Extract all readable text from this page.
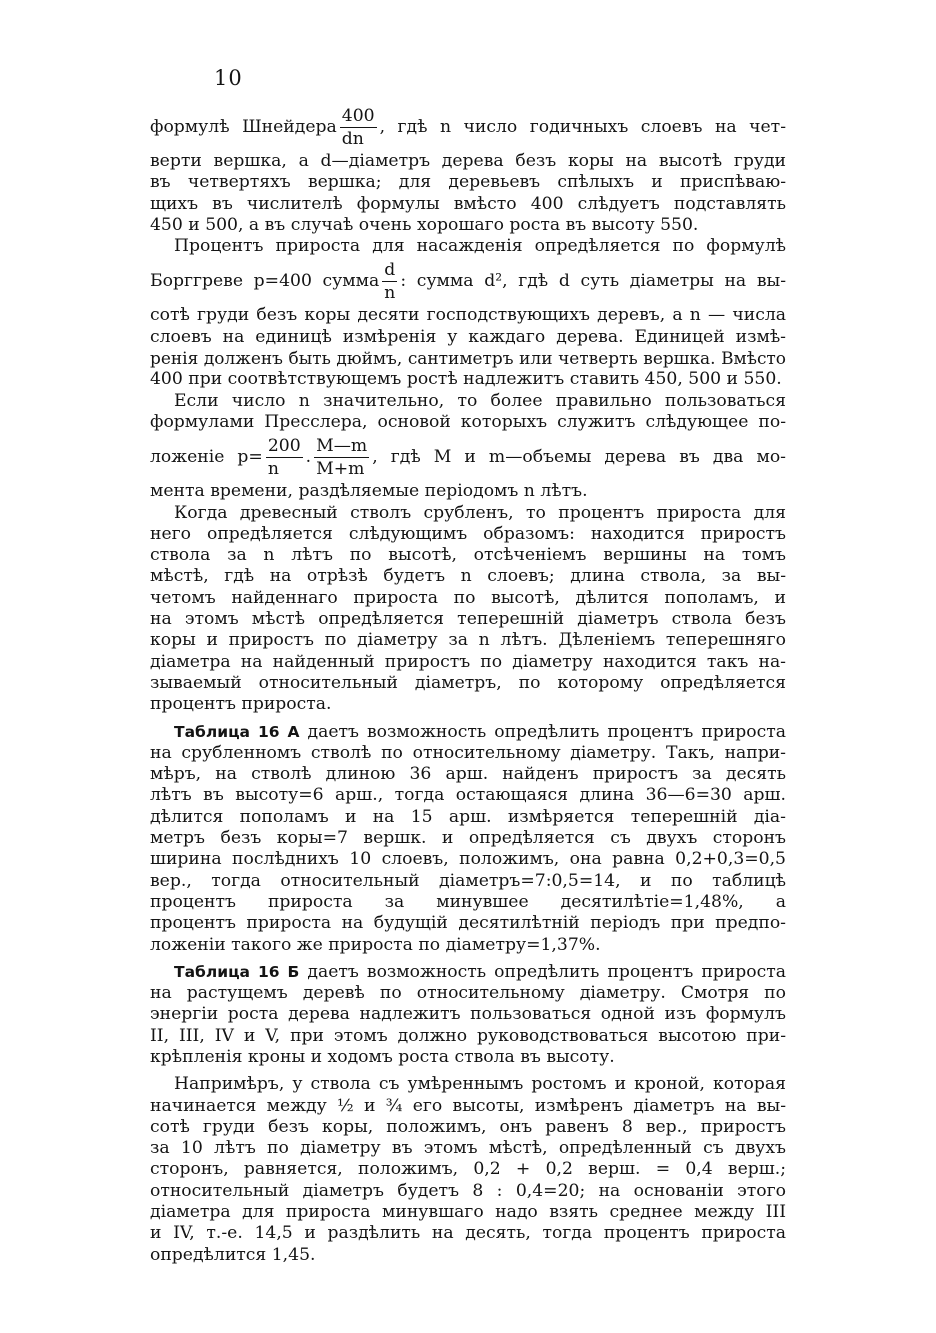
10
формулѣ Шнейдера $\frac{400}{dn}$ , гдѣ n число годичныхъ слоевъ на чет-
верти вершка, а d—діаметръ дерева безъ коры на высотѣ груди
въ четвертяхъ вершка; для деревьевъ спѣлыхъ и приспѣваю-
щихъ въ числителѣ формулы вмѣсто 400 слѣдуетъ подставлять
450 и 500, а въ случаѣ очень хорошаго роста въ высоту 550.
Процентъ прироста для насажденія опредѣляется по формулѣ
Борггреве p=400 сумма $\frac{d}{n}$ : сумма d², гдѣ d суть діаметры на вы-
сотѣ груди безъ коры десяти господствующихъ деревъ, а n — числа
слоевъ на единицѣ измѣренія у каждаго дерева. Единицей измѣ-
ренія долженъ быть дюймъ, сантиметръ или четверть вершка. Вмѣсто
400 при соотвѣтствующемъ ростѣ надлежитъ ставить 450, 500 и 550.
Если число n значительно, то более правильно пользоваться
формулами Пресслера, основой которыхъ служитъ слѣдующее по-
ложеніе $p= \frac{200}{n}$ . $\frac{M—m}{M+m}$ , гдѣ M и m—объемы дерева въ два мо-
мента времени, раздѣляемые періодомъ n лѣтъ.
Когда древесный стволъ срубленъ, то процентъ прироста для
него опредѣляется слѣдующимъ образомъ: находится приростъ
ствола за n лѣтъ по высотѣ, отсѣченіемъ вершины на томъ
мѣстѣ, гдѣ на отрѣзѣ будетъ n слоевъ; длина ствола, за вы-
четомъ найденнаго прироста по высотѣ, дѣлится пополамъ, и
на этомъ мѣстѣ опредѣляется теперешній діаметръ ствола безъ
коры и приростъ по діаметру за n лѣтъ. Дѣленіемъ теперешняго
діаметра на найденный приростъ по діаметру находится такъ на-
зываемый относительный діаметръ, по которому опредѣляется
процентъ прироста.
Таблица 16 А даетъ возможность опредѣлить процентъ прироста
на срубленномъ стволѣ по относительному діаметру. Такъ, напри-
мѣръ, на стволѣ длиною 36 арш. найденъ приростъ за десять
лѣтъ въ высоту=6 арш., тогда остающаяся длина 36—6=30 арш.
дѣлится пополамъ и на 15 арш. измѣряется теперешній діа-
метръ безъ коры=7 вершк. и опредѣляется съ двухъ сторонъ
ширина послѣднихъ 10 слоевъ, положимъ, она равна 0,2+0,3=0,5
вер., тогда относительный діаметръ=7:0,5=14, и по таблицѣ
процентъ прироста за минувшее десятилѣтіе=1,48%, а
процентъ прироста на будущій десятилѣтній періодъ при предпо-
ложеніи такого же прироста по діаметру=1,37%.
Таблица 16 Б даетъ возможность опредѣлить процентъ прироста
на растущемъ деревѣ по относительному діаметру. Смотря по
энергіи роста дерева надлежитъ пользоваться одной изъ формулъ
II, III, IV и V, при этомъ должно руководствоваться высотою при-
крѣпленія кроны и ходомъ роста ствола въ высоту.
Напримѣръ, у ствола съ умѣреннымъ ростомъ и кроной, которая
начинается между ½ и ¾ его высоты, измѣренъ діаметръ на вы-
сотѣ груди безъ коры, положимъ, онъ равенъ 8 вер., приростъ
за 10 лѣтъ по діаметру въ этомъ мѣстѣ, опредѣленный съ двухъ
сторонъ, равняется, положимъ, 0,2 + 0,2 верш. = 0,4 верш.;
относительный діаметръ будетъ 8 : 0,4=20; на основаніи этого
діаметра для прироста минувшаго надо взять среднее между III
и IV, т.-е. 14,5 и раздѣлить на десять, тогда процентъ прироста
опредѣлится 1,45.
